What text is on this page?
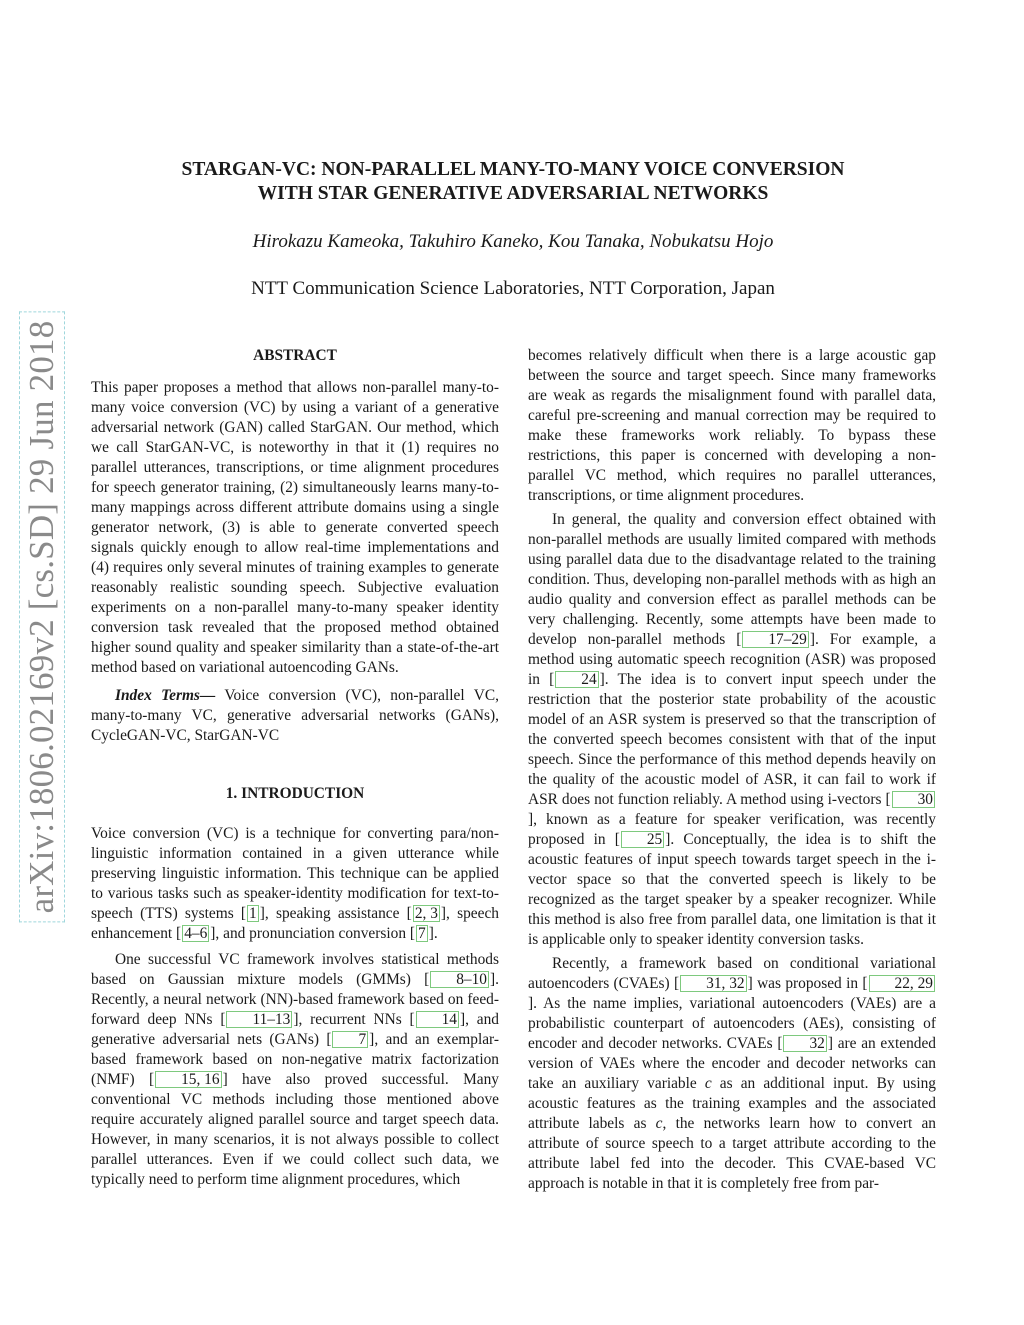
arXiv:1806.02169v2 [cs.SD] 29 Jun 2018
STARGAN-VC: NON-PARALLEL MANY-TO-MANY VOICE CONVERSION
WITH STAR GENERATIVE ADVERSARIAL NETWORKS
Hirokazu Kameoka, Takuhiro Kaneko, Kou Tanaka, Nobukatsu Hojo
NTT Communication Science Laboratories, NTT Corporation, Japan

ABSTRACT

This paper proposes a method that allows non-parallel many-to-many voice conversion (VC) by using a variant of a generative adversarial network (GAN) called StarGAN. Our method, which we call StarGAN-VC, is noteworthy in that it (1) requires no parallel utterances, transcriptions, or time alignment procedures for speech generator training, (2) simultaneously learns many-to-many mappings across different attribute domains using a single generator network, (3) is able to generate converted speech signals quickly enough to allow real-time implementations and (4) requires only several minutes of training examples to generate reasonably realistic sounding speech. Subjective evaluation experiments on a non-parallel many-to-many speaker identity conversion task revealed that the proposed method obtained higher sound quality and speaker similarity than a state-of-the-art method based on variational autoencoding GANs.

Index Terms— Voice conversion (VC), non-parallel VC, many-to-many VC, generative adversarial networks (GANs), CycleGAN-VC, StarGAN-VC

1. INTRODUCTION

Voice conversion (VC) is a technique for converting para/non-linguistic information contained in a given utterance while preserving linguistic information. This technique can be applied to various tasks such as speaker-identity modification for text-to-speech (TTS) systems [ 1 ], speaking assistance [ 2, 3 ], speech enhancement [ 4–6 ], and pronunciation conversion [ 7 ].

One successful VC framework involves statistical methods based on Gaussian mixture models (GMMs) [ 8–10 ]. Recently, a neural network (NN)-based framework based on feed-forward deep NNs [ 11–13 ], recurrent NNs [ 14 ], and generative adversarial nets (GANs) [ 7 ], and an exemplar-based framework based on non-negative matrix factorization (NMF) [ 15, 16 ] have also proved successful. Many conventional VC methods including those mentioned above require accurately aligned parallel source and target speech data. However, in many scenarios, it is not always possible to collect parallel utterances. Even if we could collect such data, we typically need to perform time alignment procedures, which

becomes relatively difficult when there is a large acoustic gap between the source and target speech. Since many frameworks are weak as regards the misalignment found with parallel data, careful pre-screening and manual correction may be required to make these frameworks work reliably. To bypass these restrictions, this paper is concerned with developing a non-parallel VC method, which requires no parallel utterances, transcriptions, or time alignment procedures.

In general, the quality and conversion effect obtained with non-parallel methods are usually limited compared with methods using parallel data due to the disadvantage related to the training condition. Thus, developing non-parallel methods with as high an audio quality and conversion effect as parallel methods can be very challenging. Recently, some attempts have been made to develop non-parallel methods [ 17–29 ]. For example, a method using automatic speech recognition (ASR) was proposed in [ 24 ]. The idea is to convert input speech under the restriction that the posterior state probability of the acoustic model of an ASR system is preserved so that the transcription of the converted speech becomes consistent with that of the input speech. Since the performance of this method depends heavily on the quality of the acoustic model of ASR, it can fail to work if ASR does not function reliably. A method using i-vectors [ 30], known as a feature for speaker verification, was recently proposed in [ 25 ]. Conceptually, the idea is to shift the acoustic features of input speech towards target speech in the i-vector space so that the converted speech is likely to be recognized as the target speaker by a speaker recognizer. While this method is also free from parallel data, one limitation is that it is applicable only to speaker identity conversion tasks.

Recently, a framework based on conditional variational autoencoders (CVAEs) [ 31, 32 ] was proposed in [ 22, 29]. As the name implies, variational autoencoders (VAEs) are a probabilistic counterpart of autoencoders (AEs), consisting of encoder and decoder networks. CVAEs [ 32 ] are an extended version of VAEs where the encoder and decoder networks can take an auxiliary variable c as an additional input. By using acoustic features as the training examples and the associated attribute labels as c, the networks learn how to convert an attribute of source speech to a target attribute according to the attribute label fed into the decoder. This CVAE-based VC approach is notable in that it is completely free from par-
